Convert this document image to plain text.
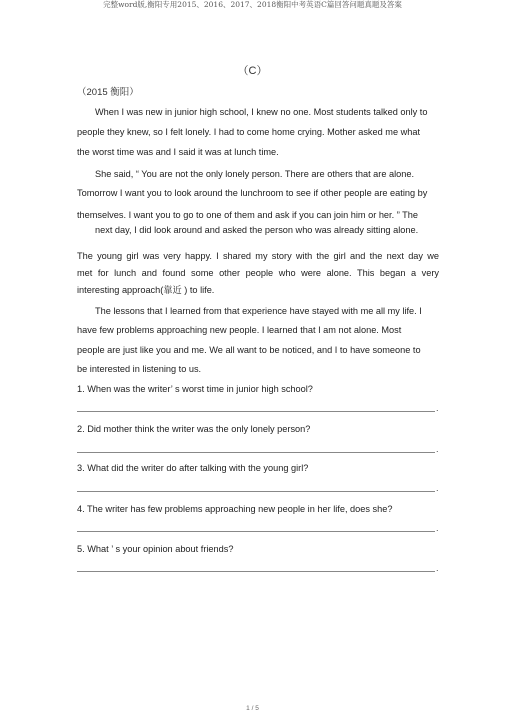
完整word版,衡阳专用2015、2016、2017、2018衡阳中考英语C篇回答问题真题及答案
（C）
（2015 衡阳）
When I was new in junior high school, I knew no one. Most students talked only to
people they knew, so I felt lonely. I had to come home crying. Mother asked me what
the worst time was and I said it was at lunch time.
She said, “ You are not the only lonely person. There are others that are alone.
Tomorrow I want you to look around the lunchroom to see if other people are eating by
themselves. I want you to go to one of them and ask if you can join him or her. ” The
next day, I did look around and asked the person who was already sitting alone.
The young girl was very happy. I shared my story with the girl and the next day we
met for lunch and found some other people who were alone. This began a very
interesting approach(靠近 ) to life.
The lessons that I learned from that experience have stayed with me all my life. I
have few problems approaching new people. I learned that I am not alone. Most
people are just like you and me. We all want to be noticed, and I to have someone to
be interested in listening to us.
1. When was the writer’ s worst time in junior high school?
.
2. Did mother think the writer was the only lonely person?
.
3. What did the writer do after talking with the young girl?
.
4. The writer has few problems approaching new people in her life, does she?
.
5. What ’ s your opinion about friends?
.
1 / 5
